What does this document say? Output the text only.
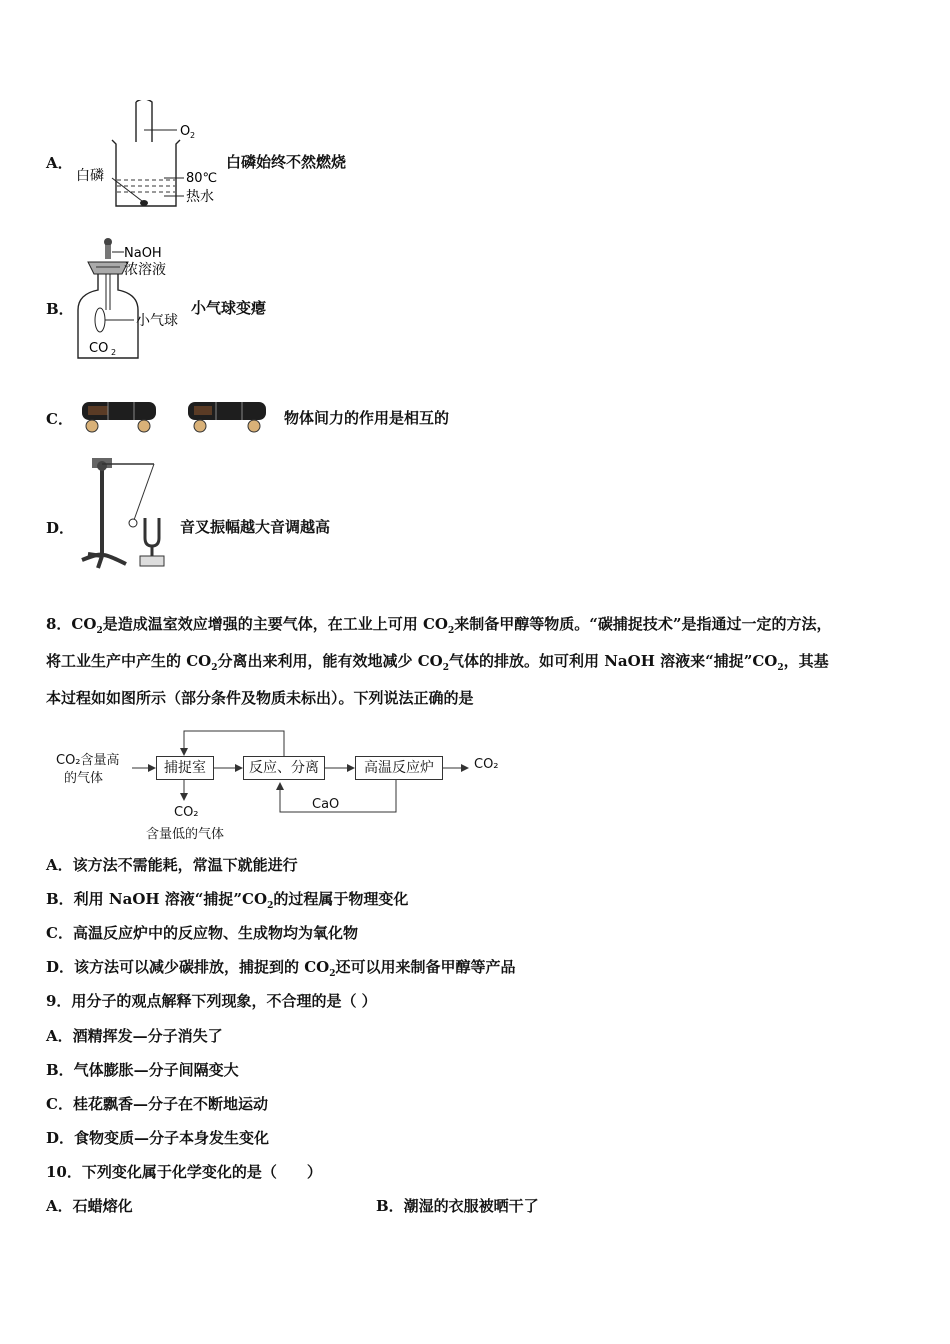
A．
O 2
白磷	80℃
热水
白磷始终不然燃烧
B．
NaOH
浓溶液
小气球
CO 2
小气球变瘪
C．	物体间力的作用是相互的
D．	音叉振幅越大音调越高
8．$CO_2$是造成温室效应增强的主要气体，在工业上可用 $CO_2$来制备甲醇等物质。“碳捕捉技术”是指通过一定的方法，
将工业生产中产生的 $CO_2$分离出来利用，能有效地减少 $CO_2$气体的排放。如可利用 NaOH 溶液来“捕捉$”CO_2$，其基
本过程如如图所示（部分条件及物质未标出）。下列说法正确的是
CO₂含量高
的气体
捕捉室	反应、分离	高温反应炉	CO₂
CaO
CO₂
含量低的气体
A．该方法不需能耗，常温下就能进行
B．利用 NaOH 溶液“捕捉$”CO_2$的过程属于物理变化
C．高温反应炉中的反应物、生成物均为氧化物
D．该方法可以减少碳排放，捕捉到的 $CO_2$还可以用来制备甲醇等产品
9．用分子的观点解释下列现象，不合理的是（ ）
A．酒精挥发—分子消失了
B．气体膨胀—分子间隔变大
C．桂花飘香—分子在不断地运动
D．食物变质—分子本身发生变化
10．下列变化属于化学变化的是（　　）
A．石蜡熔化	B．潮湿的衣服被晒干了
